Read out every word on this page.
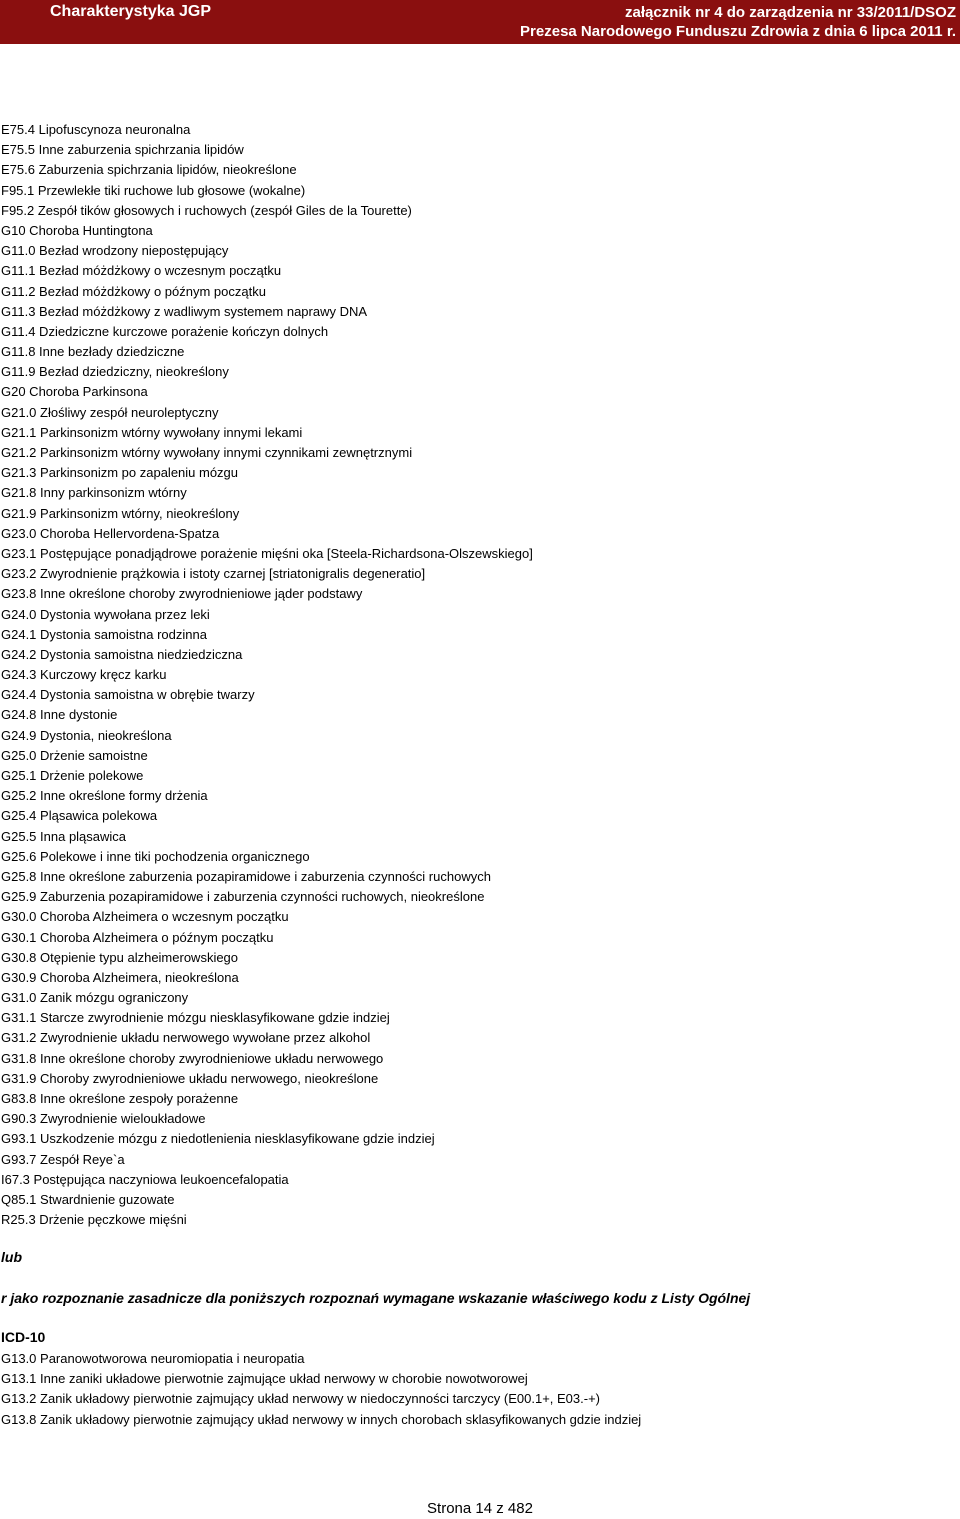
Charakterystyka JGP	załącznik nr 4 do zarządzenia nr 33/2011/DSOZ
Prezesa Narodowego Funduszu Zdrowia z dnia 6 lipca 2011 r.
E75.4 Lipofuscynoza neuronalna
E75.5 Inne zaburzenia spichrzania lipidów
E75.6 Zaburzenia spichrzania lipidów, nieokreślone
F95.1 Przewlekłe tiki ruchowe lub głosowe (wokalne)
F95.2 Zespół tików głosowych i ruchowych (zespół Giles de la Tourette)
G10 Choroba Huntingtona
G11.0 Bezład wrodzony niepostępujący
G11.1 Bezład móżdżkowy o wczesnym początku
G11.2 Bezład móżdżkowy o późnym początku
G11.3 Bezład móżdżkowy z wadliwym systemem naprawy DNA
G11.4 Dziedziczne kurczowe porażenie kończyn dolnych
G11.8 Inne bezłady dziedziczne
G11.9 Bezład dziedziczny, nieokreślony
G20 Choroba Parkinsona
G21.0 Złośliwy zespół neuroleptyczny
G21.1 Parkinsonizm wtórny wywołany innymi lekami
G21.2 Parkinsonizm wtórny wywołany innymi czynnikami zewnętrznymi
G21.3 Parkinsonizm po zapaleniu mózgu
G21.8 Inny parkinsonizm wtórny
G21.9 Parkinsonizm wtórny, nieokreślony
G23.0 Choroba Hellervordena-Spatza
G23.1 Postępujące ponadjądrowe porażenie mięśni oka [Steela-Richardsona-Olszewskiego]
G23.2 Zwyrodnienie prążkowia i istoty czarnej [striatonigralis degeneratio]
G23.8 Inne określone choroby zwyrodnieniowe jąder podstawy
G24.0 Dystonia wywołana przez leki
G24.1 Dystonia samoistna rodzinna
G24.2 Dystonia samoistna niedziedziczna
G24.3 Kurczowy kręcz karku
G24.4 Dystonia samoistna w obrębie twarzy
G24.8 Inne dystonie
G24.9 Dystonia, nieokreślona
G25.0 Drżenie samoistne
G25.1 Drżenie polekowe
G25.2 Inne określone formy drżenia
G25.4 Pląsawica polekowa
G25.5 Inna pląsawica
G25.6 Polekowe i inne tiki pochodzenia organicznego
G25.8 Inne określone zaburzenia pozapiramidowe i zaburzenia czynności ruchowych
G25.9 Zaburzenia pozapiramidowe i zaburzenia czynności ruchowych, nieokreślone
G30.0 Choroba Alzheimera o wczesnym początku
G30.1 Choroba Alzheimera o późnym początku
G30.8 Otępienie typu alzheimerowskiego
G30.9 Choroba Alzheimera, nieokreślona
G31.0 Zanik mózgu ograniczony
G31.1 Starcze zwyrodnienie mózgu niesklasyfikowane gdzie indziej
G31.2 Zwyrodnienie układu nerwowego wywołane przez alkohol
G31.8 Inne określone choroby zwyrodnieniowe układu nerwowego
G31.9 Choroby zwyrodnieniowe układu nerwowego, nieokreślone
G83.8 Inne określone zespoły porażenne
G90.3 Zwyrodnienie wieloukładowe
G93.1 Uszkodzenie mózgu z niedotlenienia niesklasyfikowane gdzie indziej
G93.7 Zespół Reye`a
I67.3 Postępująca naczyniowa leukoencefalopatia
Q85.1 Stwardnienie guzowate
R25.3 Drżenie pęczkowe mięśni
lub
r jako rozpoznanie zasadnicze dla poniższych rozpoznań wymagane wskazanie właściwego kodu z Listy Ogólnej
ICD-10
G13.0 Paranowotworowa neuromiopatia i neuropatia
G13.1 Inne zaniki układowe pierwotnie zajmujące układ nerwowy w chorobie nowotworowej
G13.2 Zanik układowy pierwotnie zajmujący układ nerwowy w niedoczynności tarczycy (E00.1+, E03.-+)
G13.8 Zanik układowy pierwotnie zajmujący układ nerwowy w innych chorobach sklasyfikowanych gdzie indziej
Strona 14 z 482
